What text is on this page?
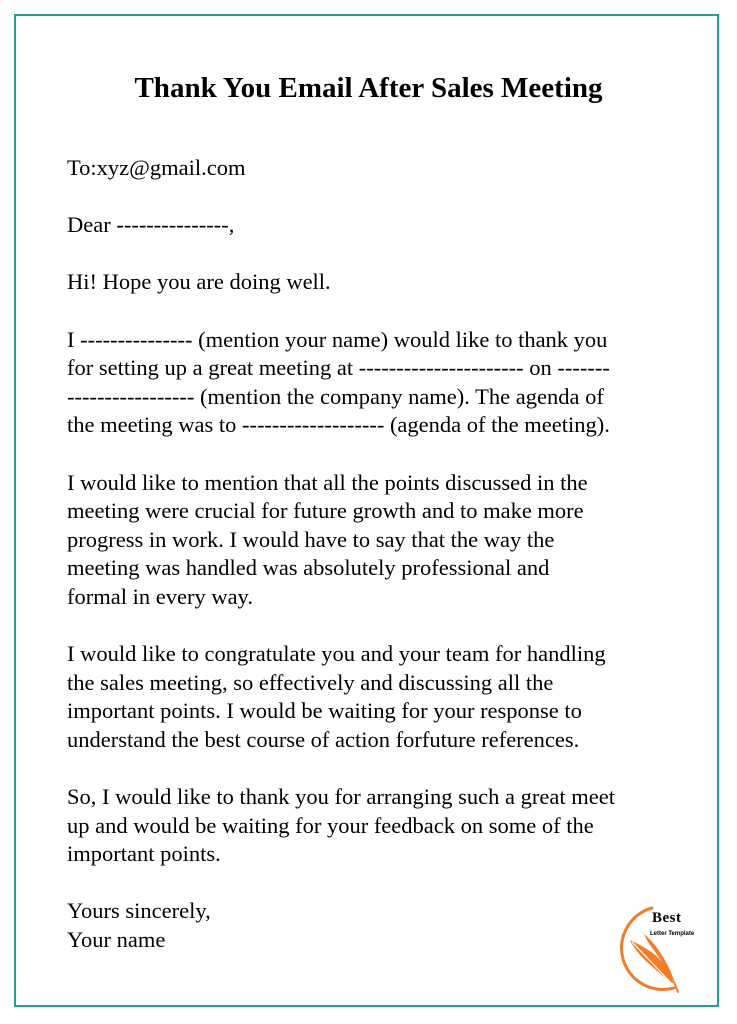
Thank You Email After Sales Meeting

To:xyz@gmail.com

Dear ---------------,

Hi! Hope you are doing well.

I --------------- (mention your name) would like to thank you
for setting up a great meeting at ---------------------- on -------
----------------- (mention the company name). The agenda of
the meeting was to ------------------- (agenda of the meeting).

I would like to mention that all the points discussed in the
meeting were crucial for future growth and to make more
progress in work. I would have to say that the way the
meeting was handled was absolutely professional and
formal in every way.

I would like to congratulate you and your team for handling
the sales meeting, so effectively and discussing all the
important points. I would be waiting for your response to
understand the best course of action forfuture references.

So, I would like to thank you for arranging such a great meet
up and would be waiting for your feedback on some of the
important points.

Yours sincerely,
Your name

Best
Letter Template
